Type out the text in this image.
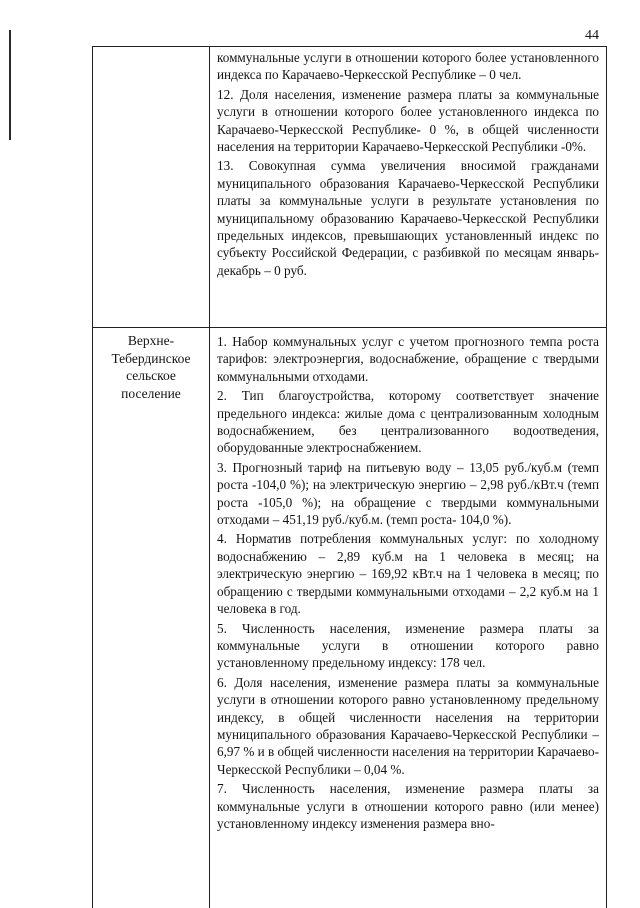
44

коммунальные услуги в отношении которого более установленного индекса по Карачаево-Черкесской Республике – 0 чел.

12. Доля населения, изменение размера платы за коммунальные услуги в отношении которого более установленного индекса по Карачаево-Черкесской Республике- 0 %, в общей численности населения на территории Карачаево-Черкесской Республики -0%.

13. Совокупная сумма увеличения вносимой гражданами муниципального образования Карачаево-Черкесской Республики платы за коммунальные услуги в результате установления по муниципальному образованию Карачаево-Черкесской Республики предельных индексов, превышающих установленный индекс по субъекту Российской Федерации, с разбивкой по месяцам январь-декабрь – 0 руб.

Верхне-Тебердинское сельское поселение

1. Набор коммунальных услуг с учетом прогнозного темпа роста тарифов: электроэнергия, водоснабжение, обращение с твердыми коммунальными отходами.

2. Тип благоустройства, которому соответствует значение предельного индекса: жилые дома с централизованным холодным водоснабжением, без централизованного водоотведения, оборудованные электроснабжением.

3. Прогнозный тариф на питьевую воду – 13,05 руб./куб.м (темп роста -104,0 %); на электрическую энергию – 2,98 руб./кВт.ч (темп роста -105,0 %); на обращение с твердыми коммунальными отходами – 451,19 руб./куб.м. (темп роста- 104,0 %).

4. Норматив потребления коммунальных услуг: по холодному водоснабжению – 2,89 куб.м на 1 человека в месяц; на электрическую энергию – 169,92 кВт.ч на 1 человека в месяц; по обращению с твердыми коммунальными отходами – 2,2 куб.м на 1 человека в год.

5. Численность населения, изменение размера платы за коммунальные услуги в отношении которого равно установленному предельному индексу: 178 чел.

6. Доля населения, изменение размера платы за коммунальные услуги в отношении которого равно установленному предельному индексу, в общей численности населения на территории муниципального образования Карачаево-Черкесской Республики – 6,97 % и в общей численности населения на территории Карачаево-Черкесской Республики – 0,04 %.

7. Численность населения, изменение размера платы за коммунальные услуги в отношении которого равно (или менее) установленному индексу изменения размера вно-
